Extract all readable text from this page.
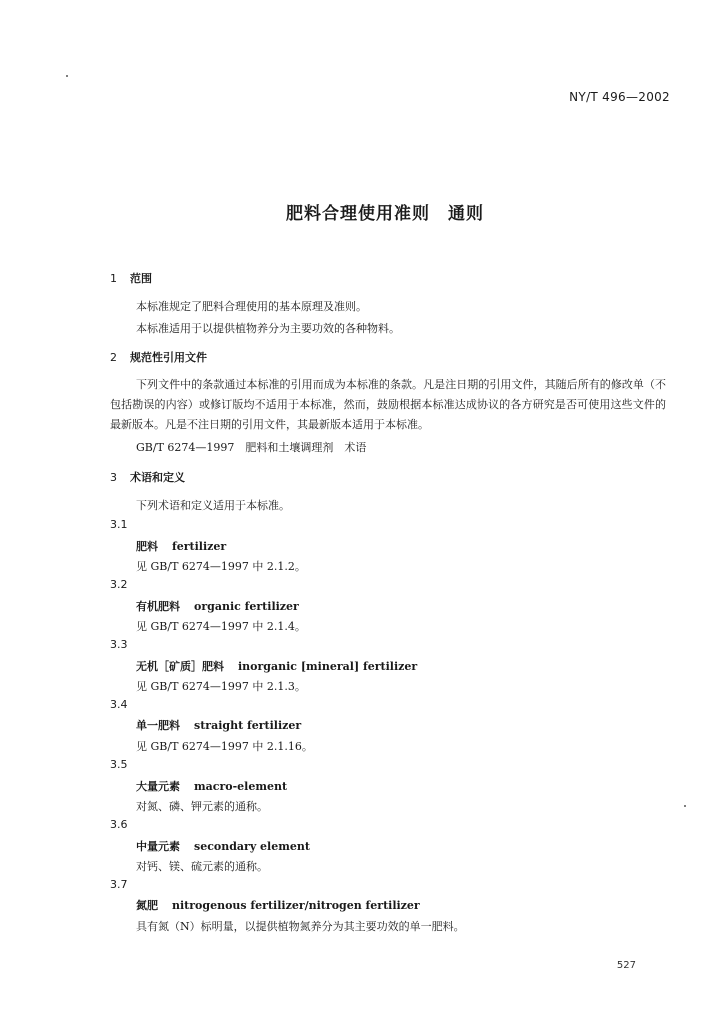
NY/T 496—2002
肥料合理使用准则　通则
1 范围
本标准规定了肥料合理使用的基本原理及准则。
本标准适用于以提供植物养分为主要功效的各种物料。
2 规范性引用文件
下列文件中的条款通过本标准的引用而成为本标准的条款。凡是注日期的引用文件，其随后所有的修改单（不包括勘误的内容）或修订版均不适用于本标准，然而，鼓励根据本标准达成协议的各方研究是否可使用这些文件的最新版本。凡是不注日期的引用文件，其最新版本适用于本标准。
GB/T 6274—1997　肥料和土壤调理剂　术语
3 术语和定义
下列术语和定义适用于本标准。
3.1
肥料 fertilizer
见 GB/T 6274—1997 中 2.1.2。
3.2
有机肥料 organic fertilizer
见 GB/T 6274—1997 中 2.1.4。
3.3
无机［矿质］肥料 inorganic [mineral] fertilizer
见 GB/T 6274—1997 中 2.1.3。
3.4
单一肥料 straight fertilizer
见 GB/T 6274—1997 中 2.1.16。
3.5
大量元素 macro-element
对氮、磷、钾元素的通称。
3.6
中量元素 secondary element
对钙、镁、硫元素的通称。
3.7
氮肥 nitrogenous fertilizer/nitrogen fertilizer
具有氮（N）标明量，以提供植物氮养分为其主要功效的单一肥料。
527
